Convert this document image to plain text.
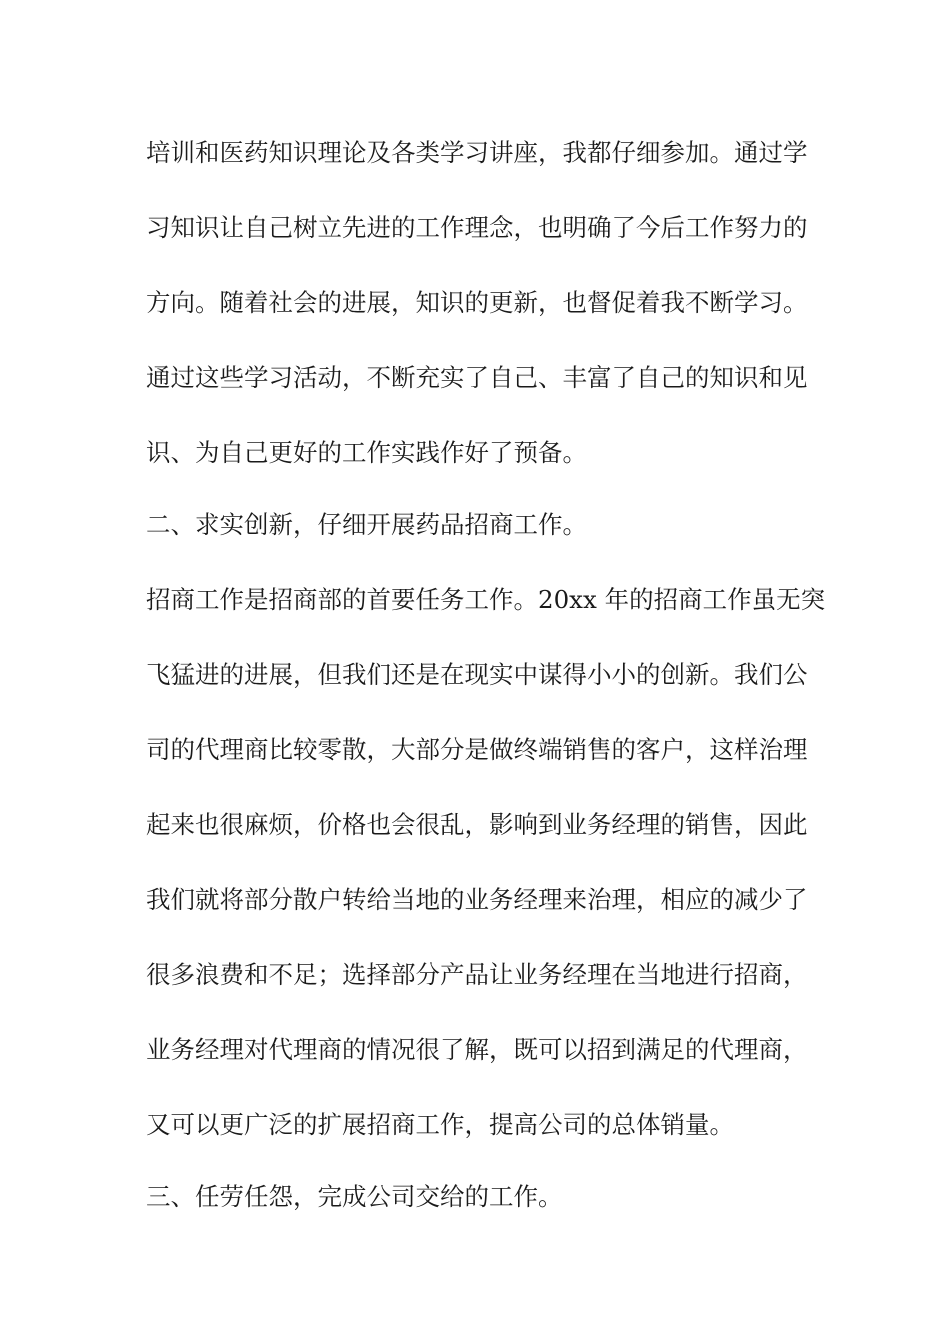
培训和医药知识理论及各类学习讲座，我都仔细参加。通过学
习知识让自己树立先进的工作理念，也明确了今后工作努力的
方向。随着社会的进展，知识的更新，也督促着我不断学习。
通过这些学习活动，不断充实了自己、丰富了自己的知识和见
识、为自己更好的工作实践作好了预备。
二、求实创新，仔细开展药品招商工作。
招商工作是招商部的首要任务工作。20xx 年的招商工作虽无突
飞猛进的进展，但我们还是在现实中谋得小小的创新。我们公
司的代理商比较零散，大部分是做终端销售的客户，这样治理
起来也很麻烦，价格也会很乱，影响到业务经理的销售，因此
我们就将部分散户转给当地的业务经理来治理，相应的减少了
很多浪费和不足；选择部分产品让业务经理在当地进行招商，
业务经理对代理商的情况很了解，既可以招到满足的代理商，
又可以更广泛的扩展招商工作，提高公司的总体销量。
三、任劳任怨，完成公司交给的工作。
